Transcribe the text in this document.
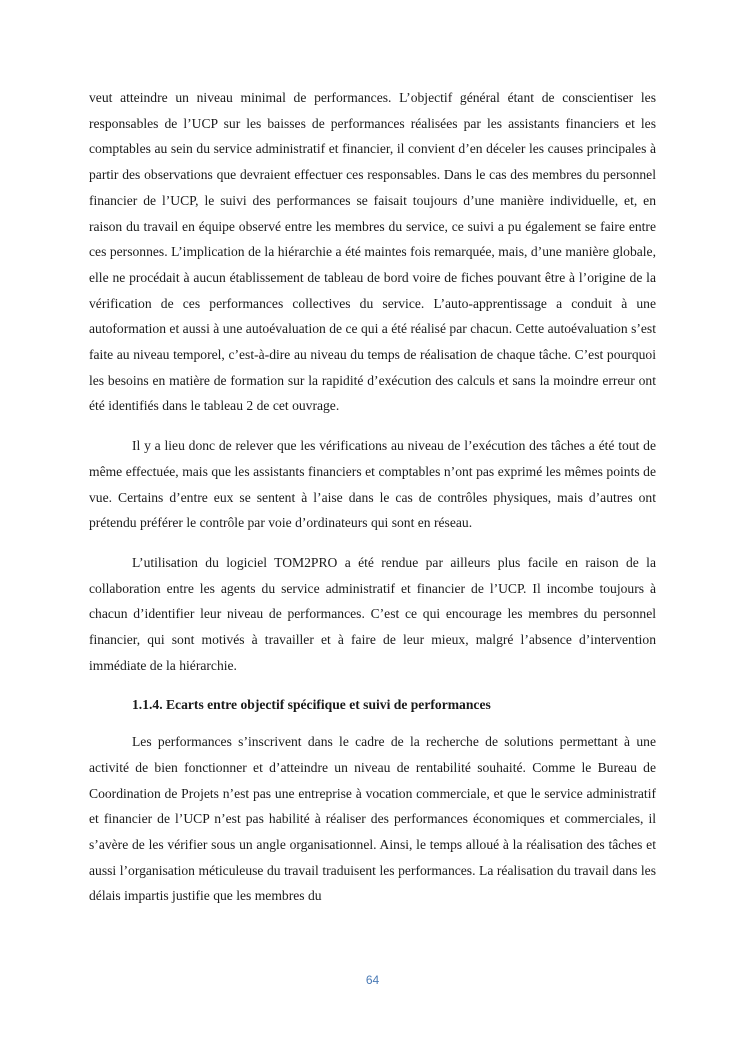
veut atteindre un niveau minimal de performances. L’objectif général étant de conscientiser les responsables de l’UCP sur les baisses de performances réalisées par les assistants financiers et les comptables au sein du service administratif et financier, il convient d’en déceler les causes principales à partir des observations que devraient effectuer ces responsables. Dans le cas des membres du personnel financier de l’UCP, le suivi des performances se faisait toujours d’une manière individuelle, et, en raison du travail en équipe observé entre les membres du service, ce suivi a pu également se faire entre ces personnes. L’implication de la hiérarchie a été maintes fois remarquée, mais, d’une manière globale, elle ne procédait à aucun établissement de tableau de bord voire de fiches pouvant être à l’origine de la vérification de ces performances collectives du service. L’auto-apprentissage a conduit à une autoformation et aussi à une autoévaluation de ce qui a été réalisé par chacun. Cette autoévaluation s’est faite au niveau temporel, c’est-à-dire au niveau du temps de réalisation de chaque tâche. C’est pourquoi les besoins en matière de formation sur la rapidité d’exécution des calculs et sans la moindre erreur ont été identifiés dans le tableau 2 de cet ouvrage.

Il y a lieu donc de relever que les vérifications au niveau de l’exécution des tâches a été tout de même effectuée, mais que les assistants financiers et comptables n’ont pas exprimé les mêmes points de vue. Certains d’entre eux se sentent à l’aise dans le cas de contrôles physiques, mais d’autres ont prétendu préférer le contrôle par voie d’ordinateurs qui sont en réseau.

L’utilisation du logiciel TOM2PRO a été rendue par ailleurs plus facile en raison de la collaboration entre les agents du service administratif et financier de l’UCP. Il incombe toujours à chacun d’identifier leur niveau de performances. C’est ce qui encourage les membres du personnel financier, qui sont motivés à travailler et à faire de leur mieux, malgré l’absence d’intervention immédiate de la hiérarchie.

1.1.4. Ecarts entre objectif spécifique et suivi de performances

Les performances s’inscrivent dans le cadre de la recherche de solutions permettant à une activité de bien fonctionner et d’atteindre un niveau de rentabilité souhaité. Comme le Bureau de Coordination de Projets n’est pas une entreprise à vocation commerciale, et que le service administratif et financier de l’UCP n’est pas habilité à réaliser des performances économiques et commerciales, il s’avère de les vérifier sous un angle organisationnel. Ainsi, le temps alloué à la réalisation des tâches et aussi l’organisation méticuleuse du travail traduisent les performances. La réalisation du travail dans les délais impartis justifie que les membres du

64
